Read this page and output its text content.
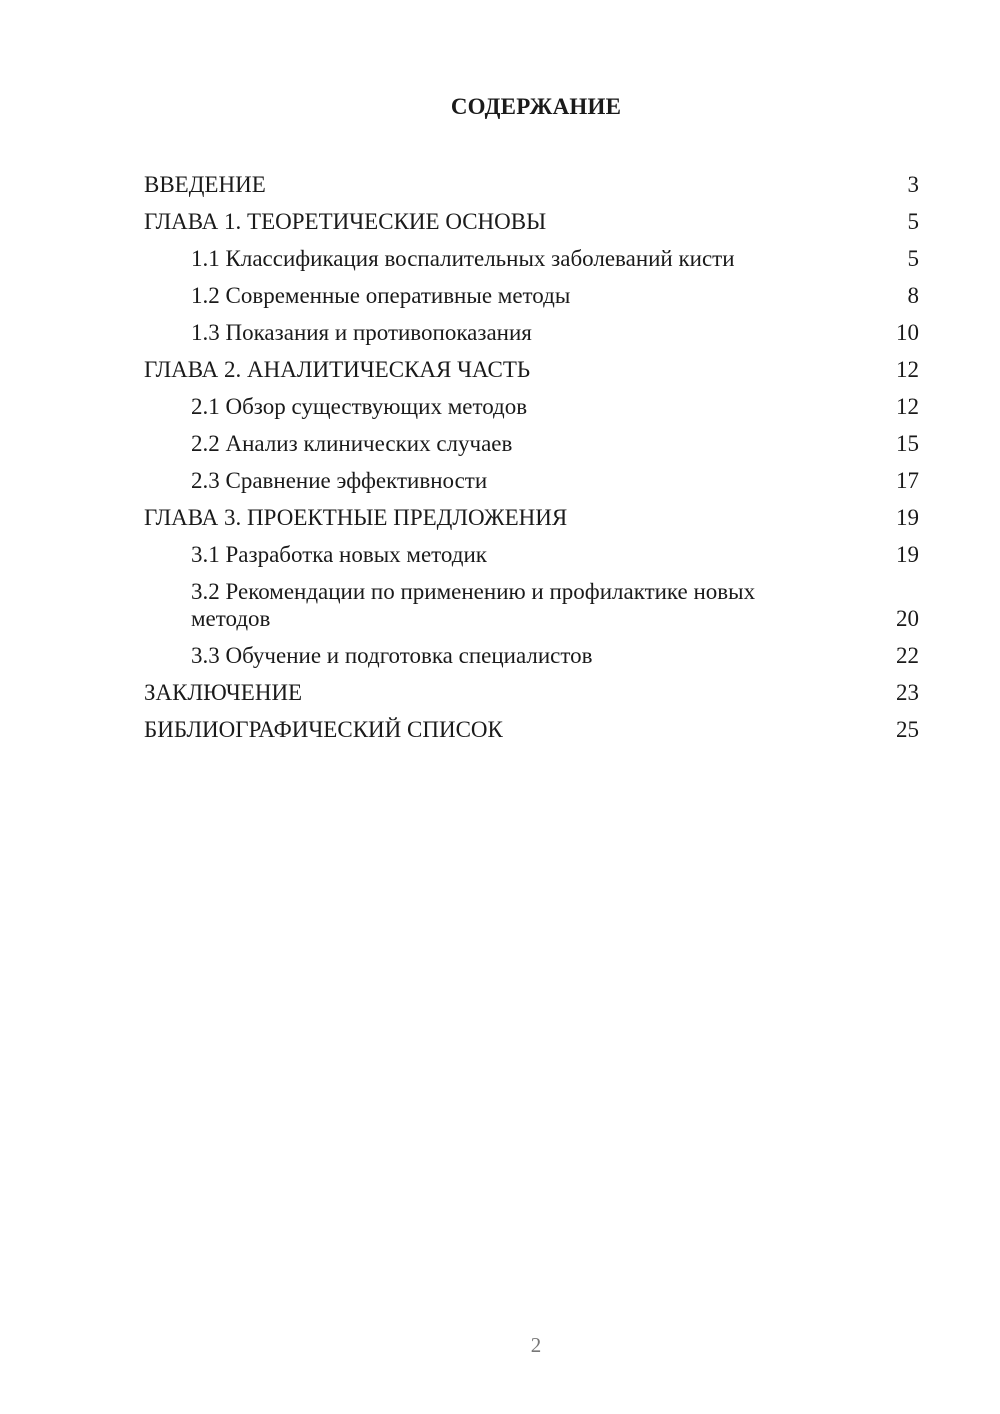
СОДЕРЖАНИЕ
ВВЕДЕНИЕ	3
ГЛАВА 1. ТЕОРЕТИЧЕСКИЕ ОСНОВЫ	5
1.1 Классификация воспалительных заболеваний кисти	5
1.2 Современные оперативные методы	8
1.3 Показания и противопоказания	10
ГЛАВА 2. АНАЛИТИЧЕСКАЯ ЧАСТЬ	12
2.1 Обзор существующих методов	12
2.2 Анализ клинических случаев	15
2.3 Сравнение эффективности	17
ГЛАВА 3. ПРОЕКТНЫЕ ПРЕДЛОЖЕНИЯ	19
3.1 Разработка новых методик	19
3.2 Рекомендации по применению и профилактике новых методов	20
3.3 Обучение и подготовка специалистов	22
ЗАКЛЮЧЕНИЕ	23
БИБЛИОГРАФИЧЕСКИЙ СПИСОК	25
2
